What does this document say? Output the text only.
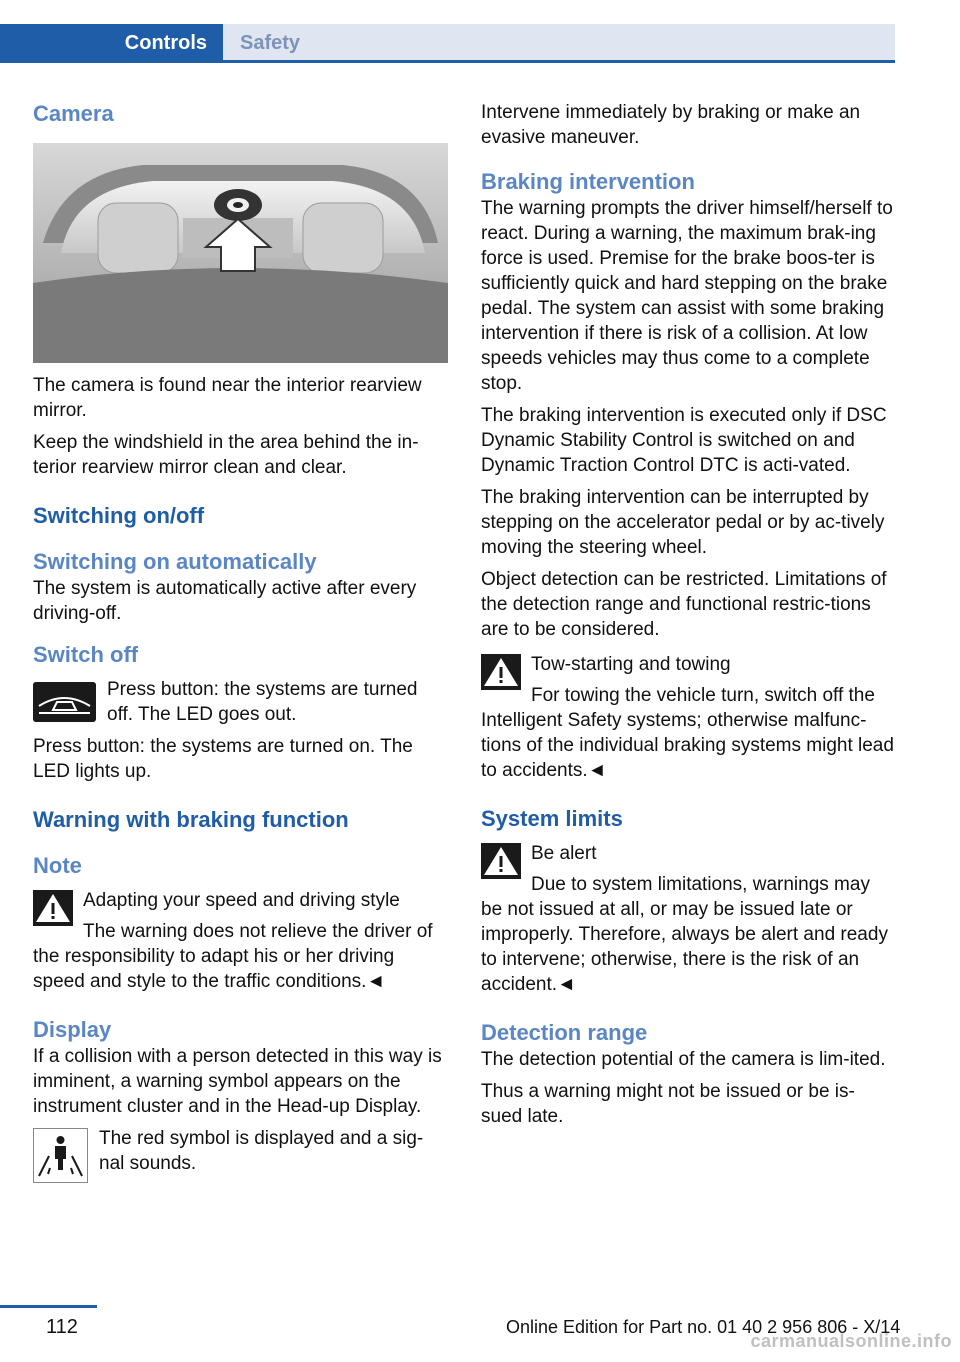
Controls	Safety
Camera

The camera is found near the interior rearview mirror.

Keep the windshield in the area behind the in‐terior rearview mirror clean and clear.

Switching on/off
Switching on automatically

The system is automatically active after every driving-off.

Switch off

Press button: the systems are turned off. The LED goes out.

Press button: the systems are turned on. The LED lights up.

Warning with braking function
Note

Adapting your speed and driving style

The warning does not relieve the driver of the responsibility to adapt his or her driving speed and style to the traffic conditions.◄

Display

If a collision with a person detected in this way is imminent, a warning symbol appears on the instrument cluster and in the Head-up Display.

The red symbol is displayed and a sig‐nal sounds.

Intervene immediately by braking or make an evasive maneuver.

Braking intervention

The warning prompts the driver himself/herself to react. During a warning, the maximum brak‐ing force is used. Premise for the brake boos‐ter is sufficiently quick and hard stepping on the brake pedal. The system can assist with some braking intervention if there is risk of a collision. At low speeds vehicles may thus come to a complete stop.

The braking intervention is executed only if DSC Dynamic Stability Control is switched on and Dynamic Traction Control DTC is acti‐vated.

The braking intervention can be interrupted by stepping on the accelerator pedal or by ac‐tively moving the steering wheel.

Object detection can be restricted. Limitations of the detection range and functional restric‐tions are to be considered.

Tow-starting and towing

For towing the vehicle turn, switch off the Intelligent Safety systems; otherwise malfunc‐tions of the individual braking systems might lead to accidents.◄

System limits

Be alert

Due to system limitations, warnings may be not issued at all, or may be issued late or improperly. Therefore, always be alert and ready to intervene; otherwise, there is the risk of an accident.◄

Detection range

The detection potential of the camera is lim‐ited.

Thus a warning might not be issued or be is‐sued late.

112	Online Edition for Part no. 01 40 2 956 806 - X/14
carmanualsonline.info
